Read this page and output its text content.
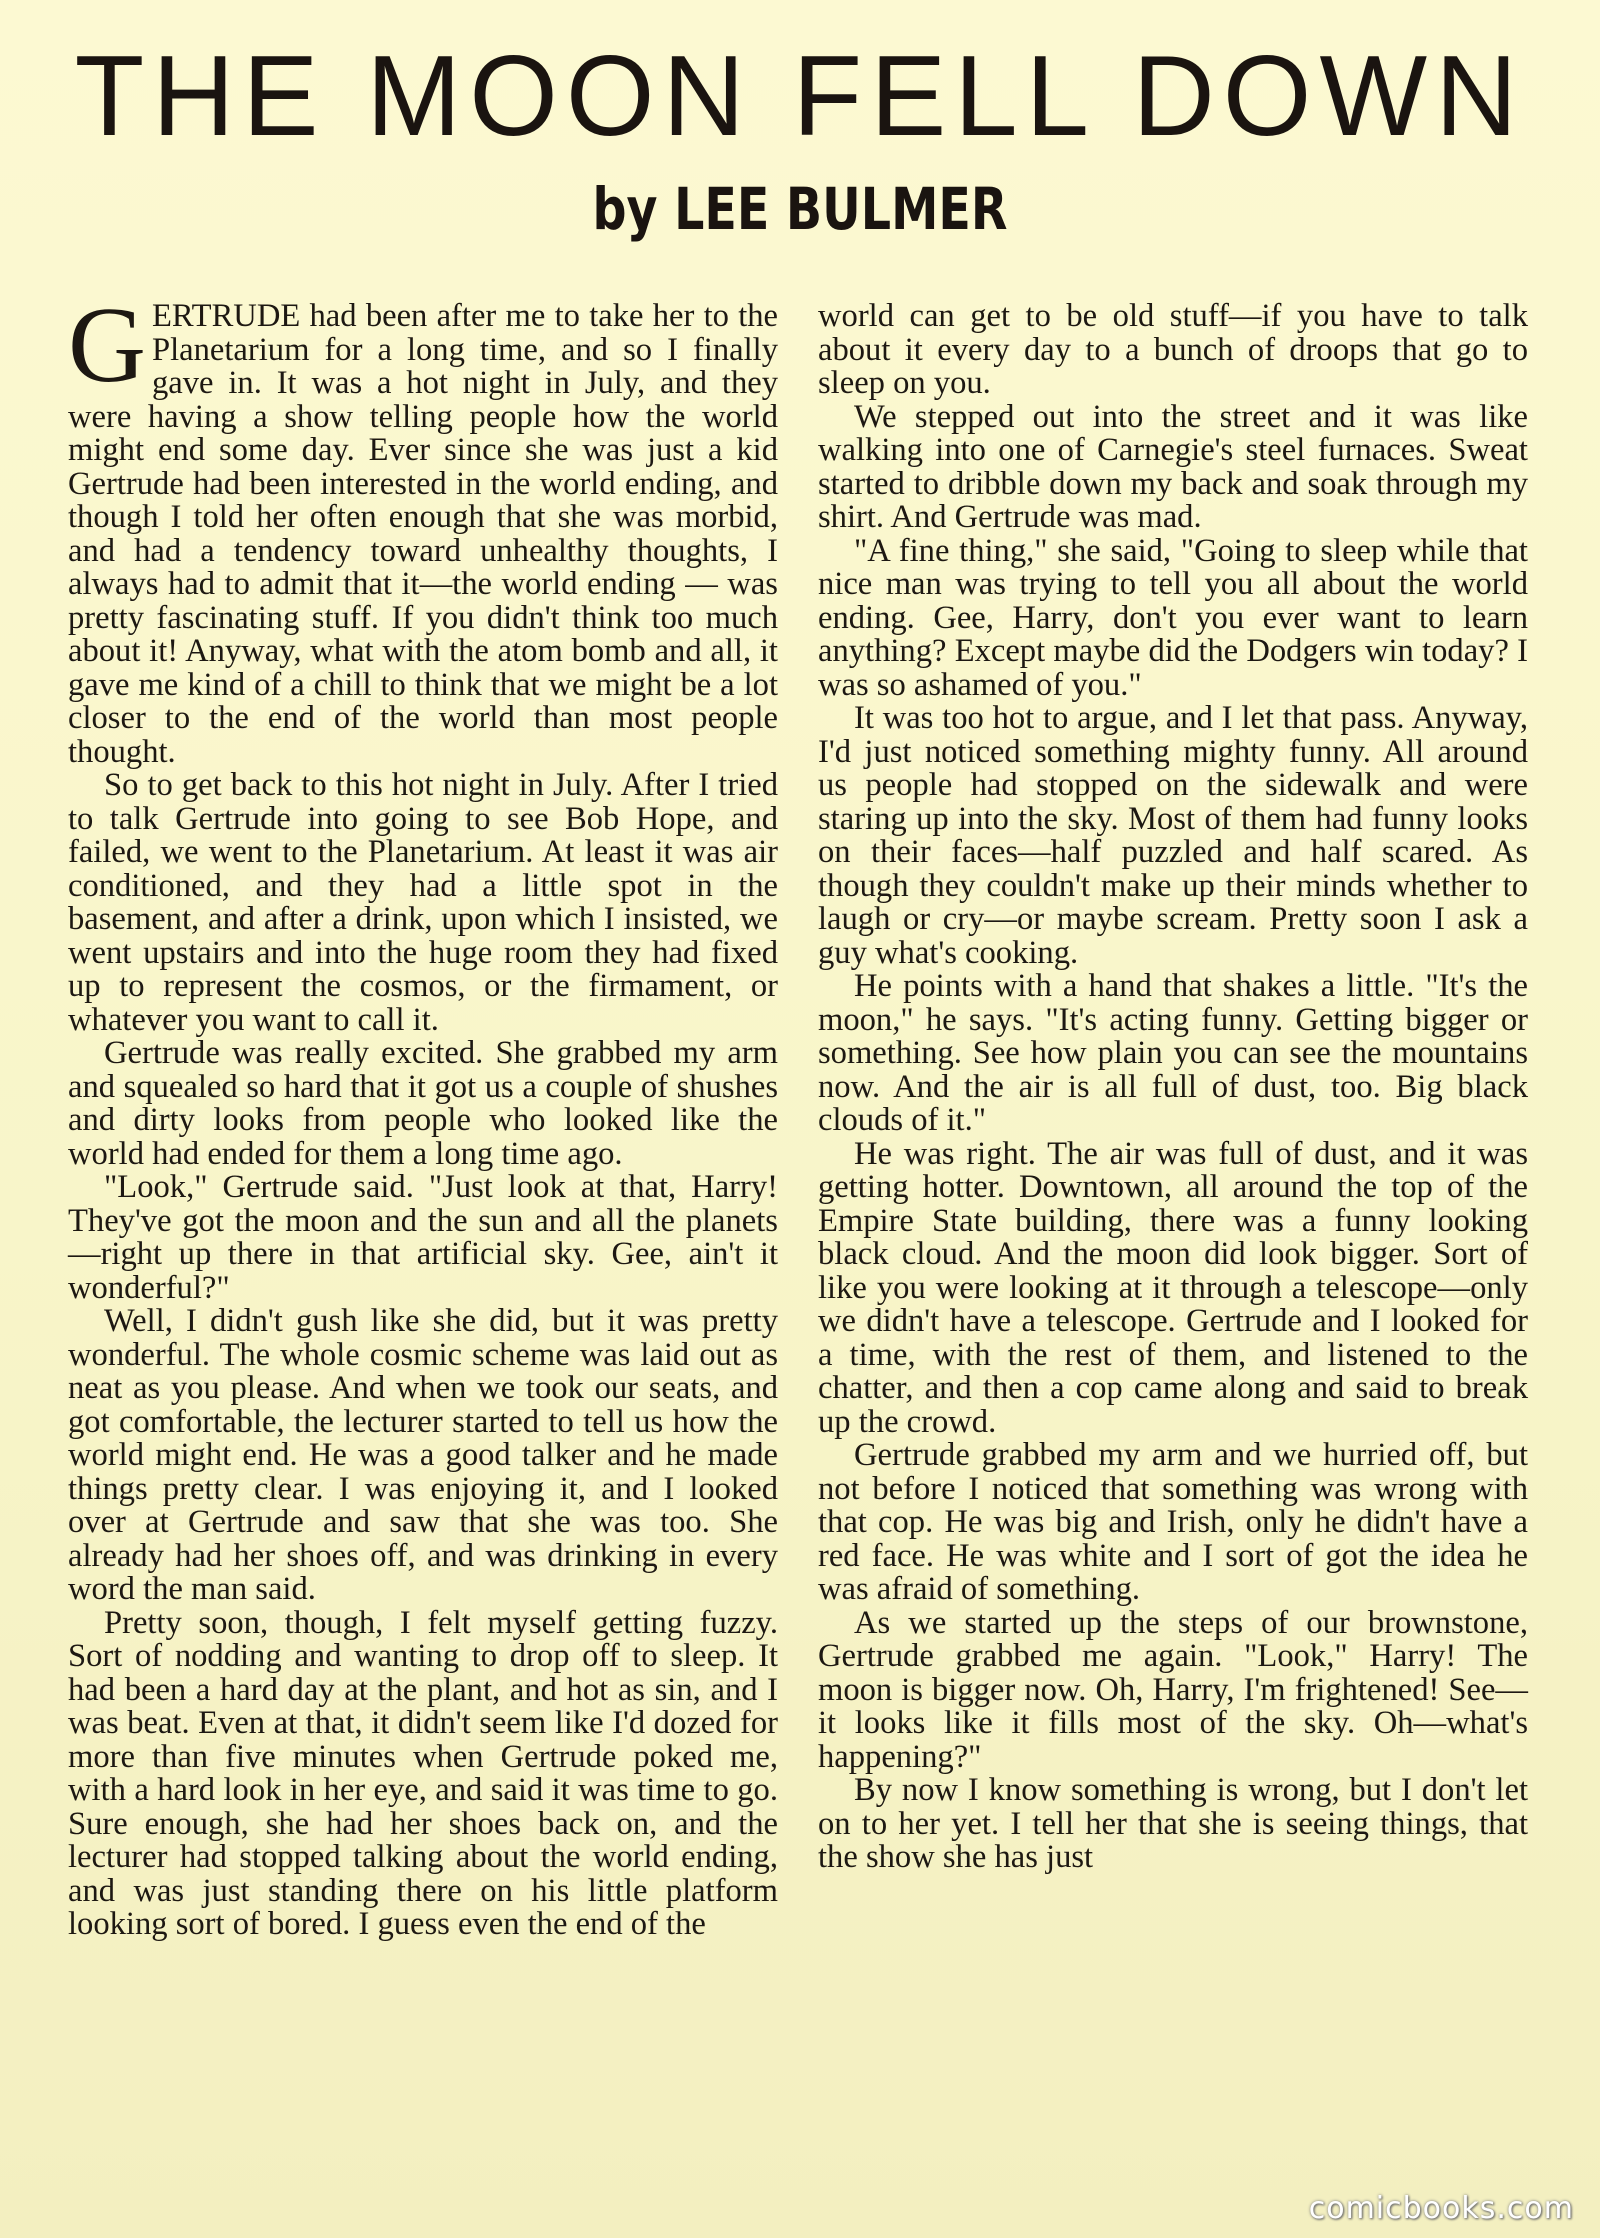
THE MOON FELL DOWN
by LEE BULMER

GERTRUDE had been after me to take her to the Planetarium for a long time, and so I finally gave in. It was a hot night in July, and they were having a show telling people how the world might end some day. Ever since she was just a kid Gertrude had been interested in the world ending, and though I told her often enough that she was morbid, and had a tendency toward unhealthy thoughts, I always had to admit that it—the world ending — was pretty fascinating stuff. If you didn't think too much about it! Anyway, what with the atom bomb and all, it gave me kind of a chill to think that we might be a lot closer to the end of the world than most people thought.

So to get back to this hot night in July. After I tried to talk Gertrude into going to see Bob Hope, and failed, we went to the Planetarium. At least it was air conditioned, and they had a little spot in the basement, and after a drink, upon which I insisted, we went upstairs and into the huge room they had fixed up to represent the cosmos, or the firmament, or whatever you want to call it.

Gertrude was really excited. She grabbed my arm and squealed so hard that it got us a couple of shushes and dirty looks from people who looked like the world had ended for them a long time ago.

"Look," Gertrude said. "Just look at that, Harry! They've got the moon and the sun and all the planets—right up there in that artificial sky. Gee, ain't it wonderful?"

Well, I didn't gush like she did, but it was pretty wonderful. The whole cosmic scheme was laid out as neat as you please. And when we took our seats, and got comfortable, the lecturer started to tell us how the world might end. He was a good talker and he made things pretty clear. I was enjoying it, and I looked over at Gertrude and saw that she was too. She already had her shoes off, and was drinking in every word the man said.

Pretty soon, though, I felt myself getting fuzzy. Sort of nodding and wanting to drop off to sleep. It had been a hard day at the plant, and hot as sin, and I was beat. Even at that, it didn't seem like I'd dozed for more than five minutes when Gertrude poked me, with a hard look in her eye, and said it was time to go. Sure enough, she had her shoes back on, and the lecturer had stopped talking about the world ending, and was just standing there on his little platform looking sort of bored. I guess even the end of the

world can get to be old stuff—if you have to talk about it every day to a bunch of droops that go to sleep on you.

We stepped out into the street and it was like walking into one of Carnegie's steel furnaces. Sweat started to dribble down my back and soak through my shirt. And Gertrude was mad.

"A fine thing," she said, "Going to sleep while that nice man was trying to tell you all about the world ending. Gee, Harry, don't you ever want to learn anything? Except maybe did the Dodgers win today? I was so ashamed of you."

It was too hot to argue, and I let that pass. Anyway, I'd just noticed something mighty funny. All around us people had stopped on the sidewalk and were staring up into the sky. Most of them had funny looks on their faces—half puzzled and half scared. As though they couldn't make up their minds whether to laugh or cry—or maybe scream. Pretty soon I ask a guy what's cooking.

He points with a hand that shakes a little. "It's the moon," he says. "It's acting funny. Getting bigger or something. See how plain you can see the mountains now. And the air is all full of dust, too. Big black clouds of it."

He was right. The air was full of dust, and it was getting hotter. Downtown, all around the top of the Empire State building, there was a funny looking black cloud. And the moon did look bigger. Sort of like you were looking at it through a telescope—only we didn't have a telescope. Gertrude and I looked for a time, with the rest of them, and listened to the chatter, and then a cop came along and said to break up the crowd.

Gertrude grabbed my arm and we hurried off, but not before I noticed that something was wrong with that cop. He was big and Irish, only he didn't have a red face. He was white and I sort of got the idea he was afraid of something.

As we started up the steps of our brownstone, Gertrude grabbed me again. "Look," Harry! The moon is bigger now. Oh, Harry, I'm frightened! See—it looks like it fills most of the sky. Oh—what's happening?"

By now I know something is wrong, but I don't let on to her yet. I tell her that she is seeing things, that the show she has just

comicbooks.com
